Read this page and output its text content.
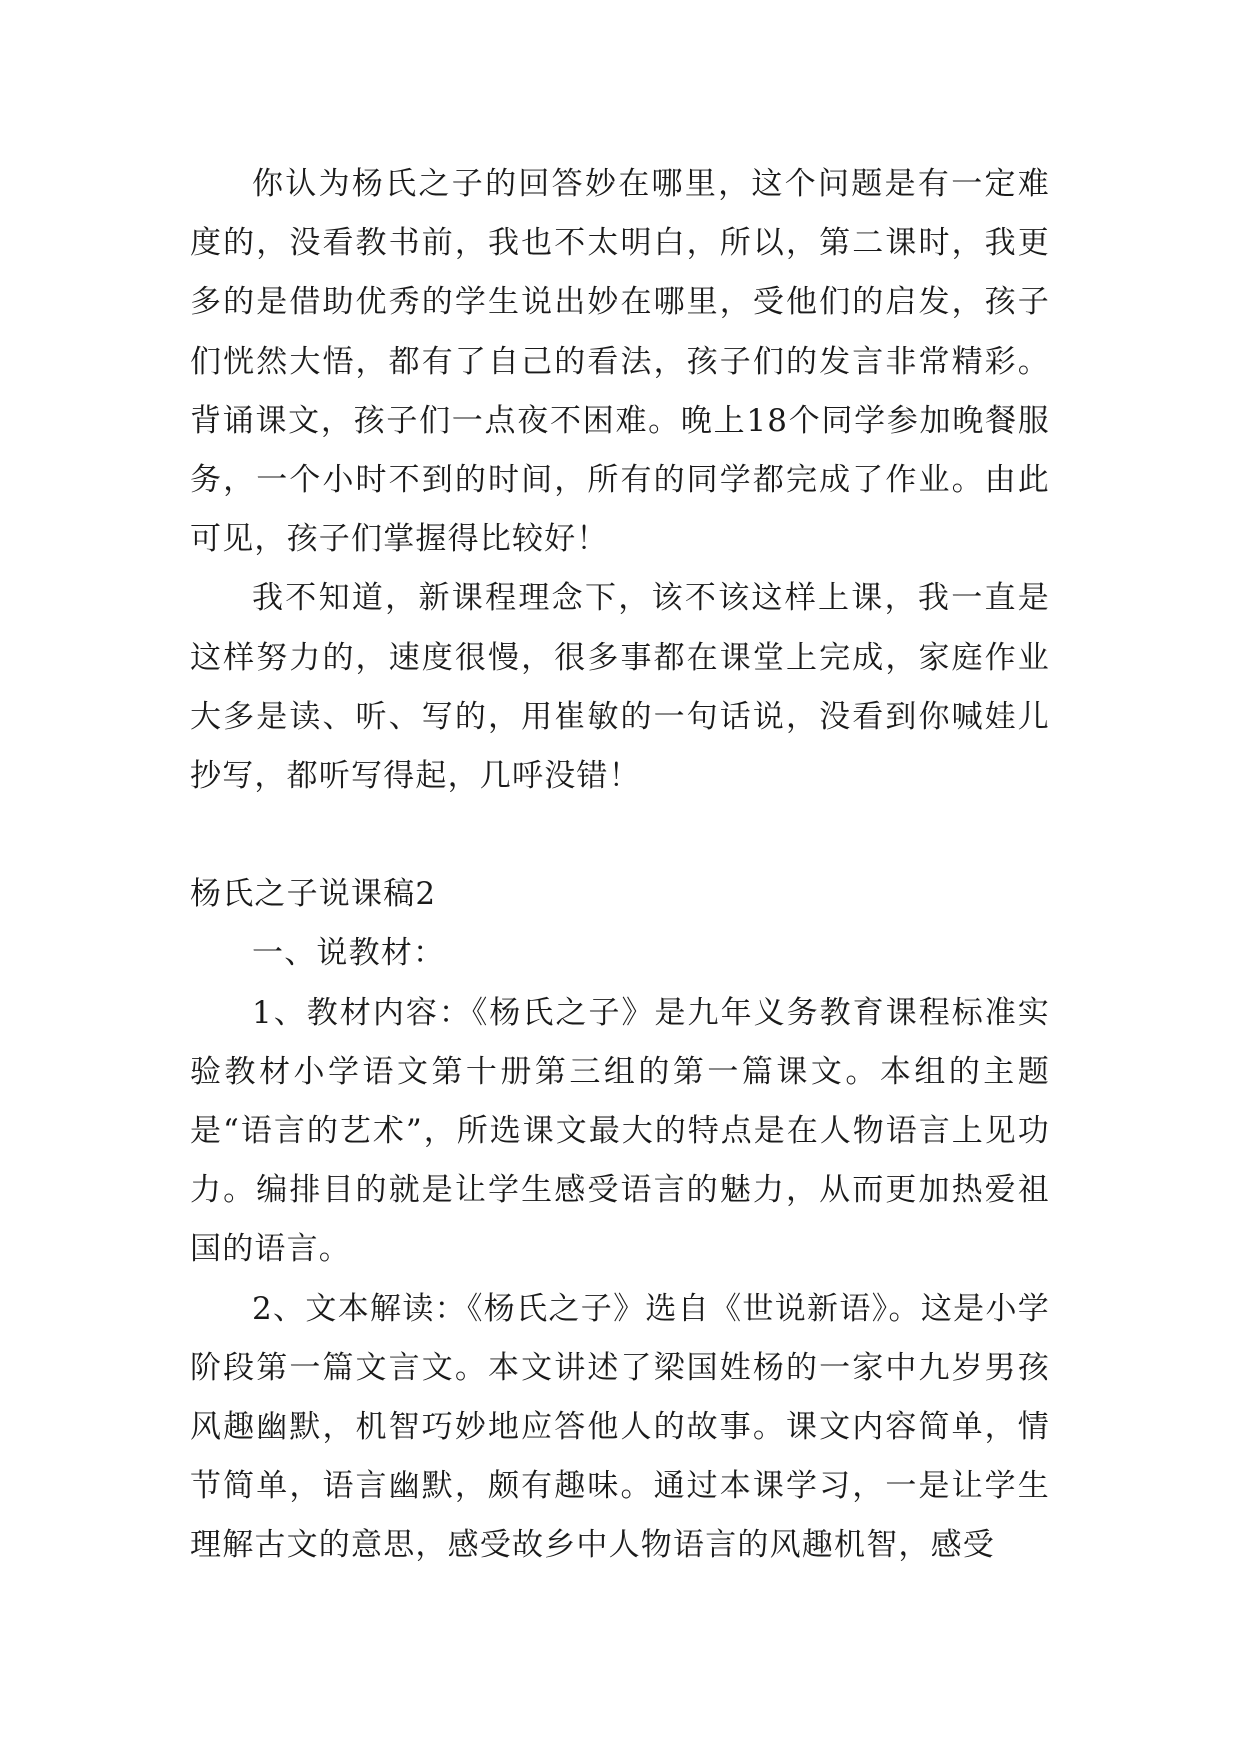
你认为杨氏之子的回答妙在哪里，这个问题是有一定难度的，没看教书前，我也不太明白，所以，第二课时，我更多的是借助优秀的学生说出妙在哪里，受他们的启发，孩子们恍然大悟，都有了自己的看法，孩子们的发言非常精彩。背诵课文，孩子们一点夜不困难。晚上18个同学参加晚餐服务，一个小时不到的时间，所有的同学都完成了作业。由此可见，孩子们掌握得比较好！

我不知道，新课程理念下，该不该这样上课，我一直是这样努力的，速度很慢，很多事都在课堂上完成，家庭作业大多是读、听、写的，用崔敏的一句话说，没看到你喊娃儿抄写，都听写得起，几呼没错！

杨氏之子说课稿2

一、说教材：

1、教材内容：《杨氏之子》是九年义务教育课程标准实验教材小学语文第十册第三组的第一篇课文。本组的主题是“语言的艺术”，所选课文最大的特点是在人物语言上见功力。编排目的就是让学生感受语言的魅力，从而更加热爱祖国的语言。

2、文本解读：《杨氏之子》选自《世说新语》。这是小学阶段第一篇文言文。本文讲述了梁国姓杨的一家中九岁男孩风趣幽默，机智巧妙地应答他人的故事。课文内容简单，情节简单，语言幽默，颇有趣味。通过本课学习，一是让学生理解古文的意思，感受故乡中人物语言的风趣机智，感受
